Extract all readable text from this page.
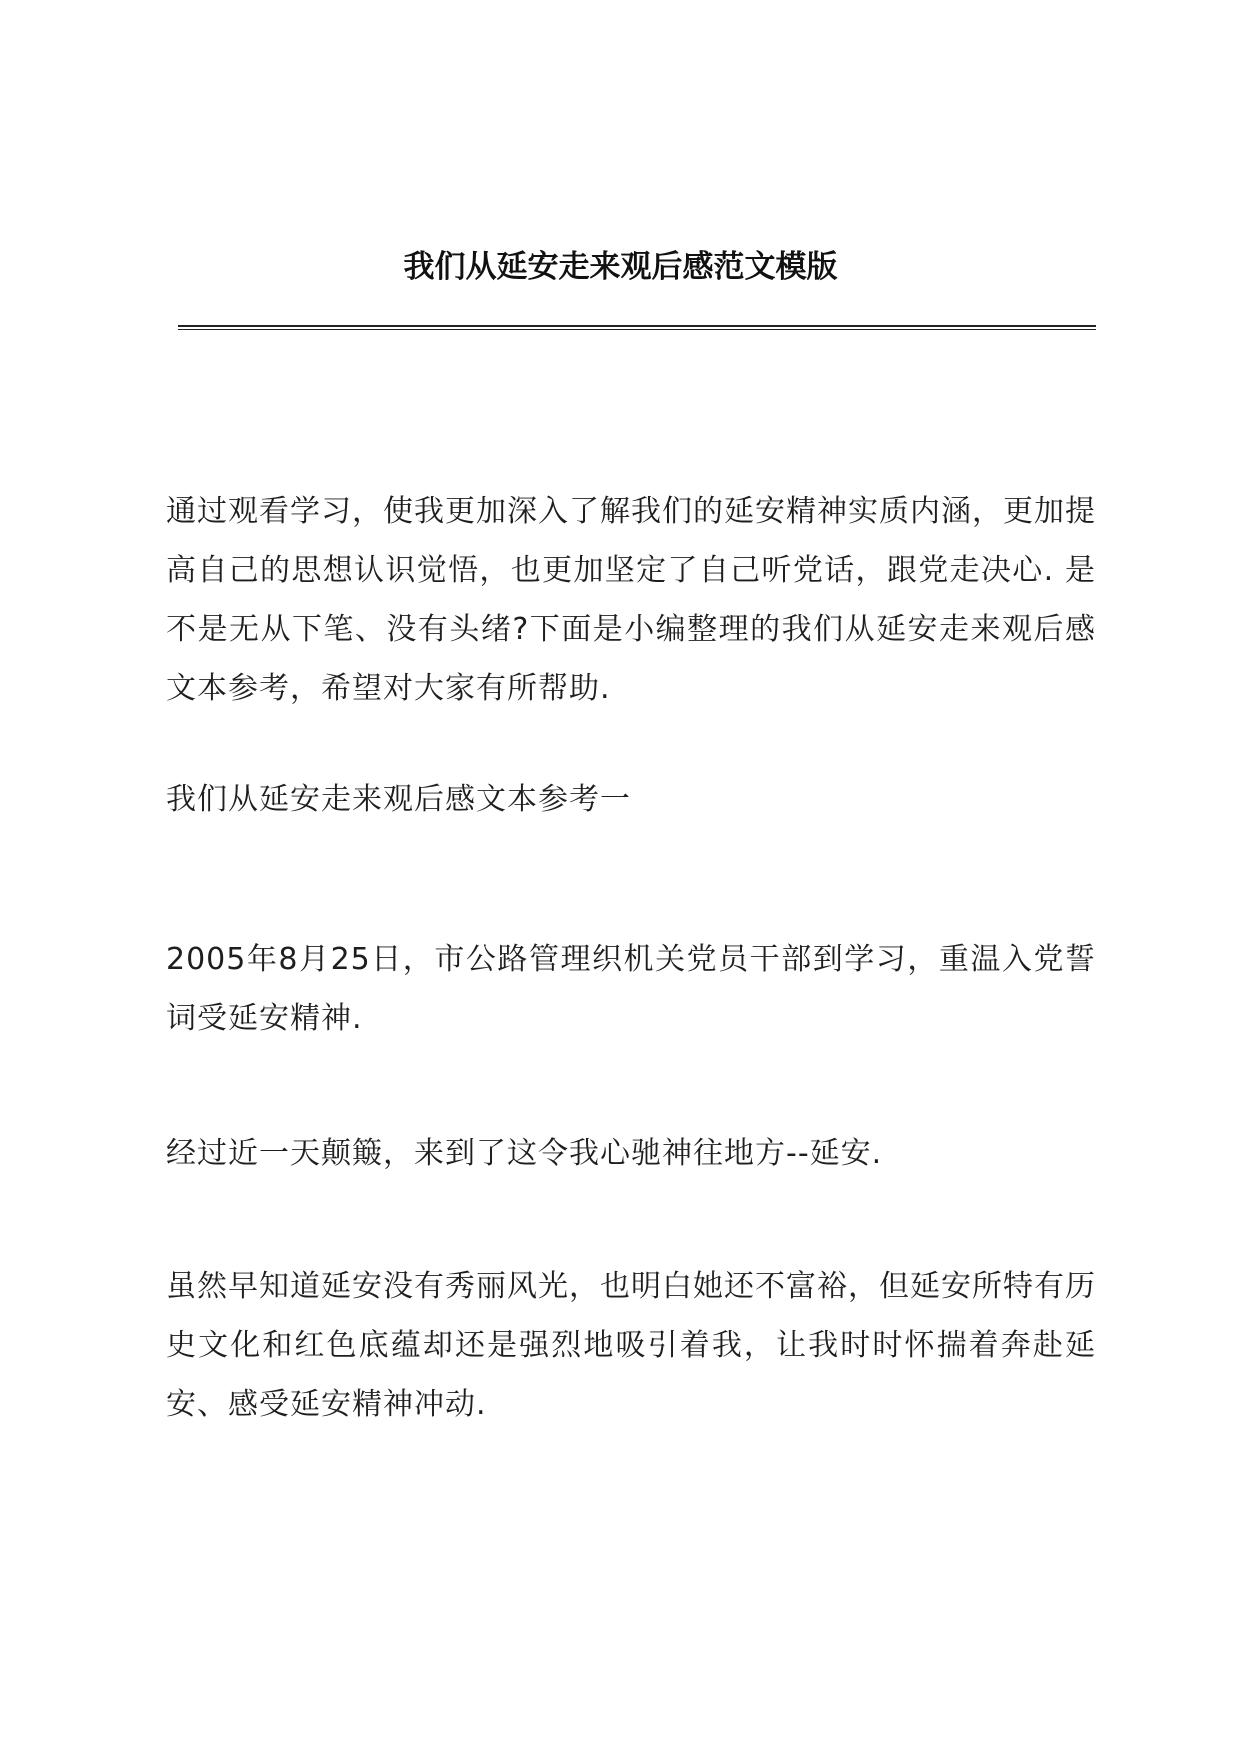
我们从延安走来观后感范文模版

通过观看学习，使我更加深入了解我们的延安精神实质内涵，更加提高自己的思想认识觉悟，也更加坚定了自己听党话，跟党走决心. 是不是无从下笔、没有头绪?下面是小编整理的我们从延安走来观后感文本参考，希望对大家有所帮助.

我们从延安走来观后感文本参考一

2005年8月25日，市公路管理织机关党员干部到学习，重温入党誓词受延安精神.

经过近一天颠簸，来到了这令我心驰神往地方--延安.

虽然早知道延安没有秀丽风光，也明白她还不富裕，但延安所特有历史文化和红色底蕴却还是强烈地吸引着我，让我时时怀揣着奔赴延安、感受延安精神冲动.
